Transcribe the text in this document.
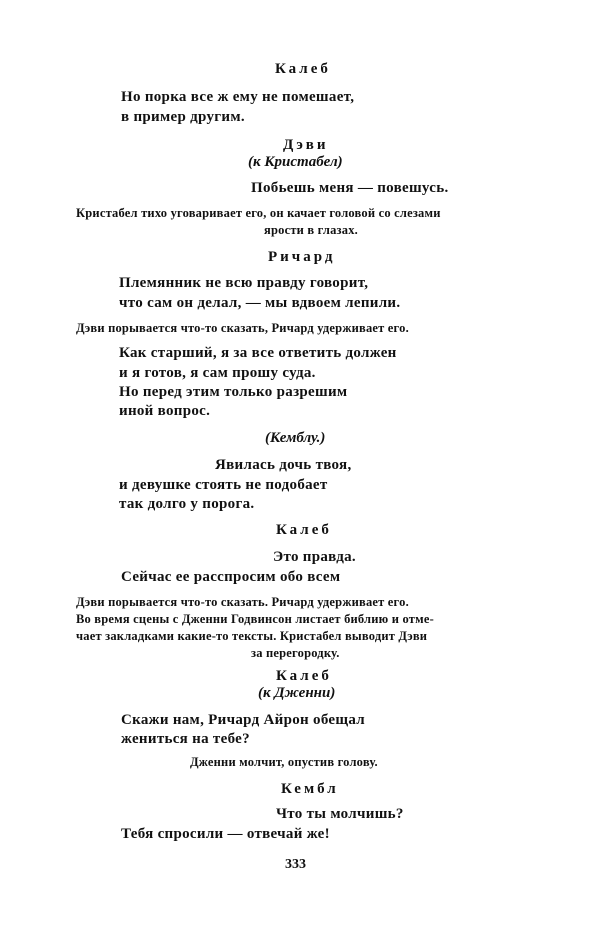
Калеб
Но порка все ж ему не помешает,
в пример другим.
Дэви
(к Кристабел)
Побьешь меня — повешусь.
Кристабел тихо уговаривает его, он качает головой со слезами
ярости в глазах.
Ричард
Племянник не всю правду говорит,
что сам он делал, — мы вдвоем лепили.
Дэви порывается что-то сказать, Ричард удерживает его.
Как старший, я за все ответить должен
и я готов, я сам прошу суда.
Но перед этим только разрешим
иной вопрос.
(Кемблу.)
Явилась дочь твоя,
и девушке стоять не подобает
так долго у порога.
Калеб
Это правда.
Сейчас ее расспросим обо всем
Дэви порывается что-то сказать. Ричард удерживает его.
Во время сцены с Дженни Годвинсон листает библию и отме-
чает закладками какие-то тексты. Кристабел выводит Дэви
за перегородку.
Калеб
(к Дженни)
Скажи нам, Ричард Айрон обещал
жениться на тебе?
Дженни молчит, опустив голову.
Кембл
Что ты молчишь?
Тебя спросили — отвечай же!
333
